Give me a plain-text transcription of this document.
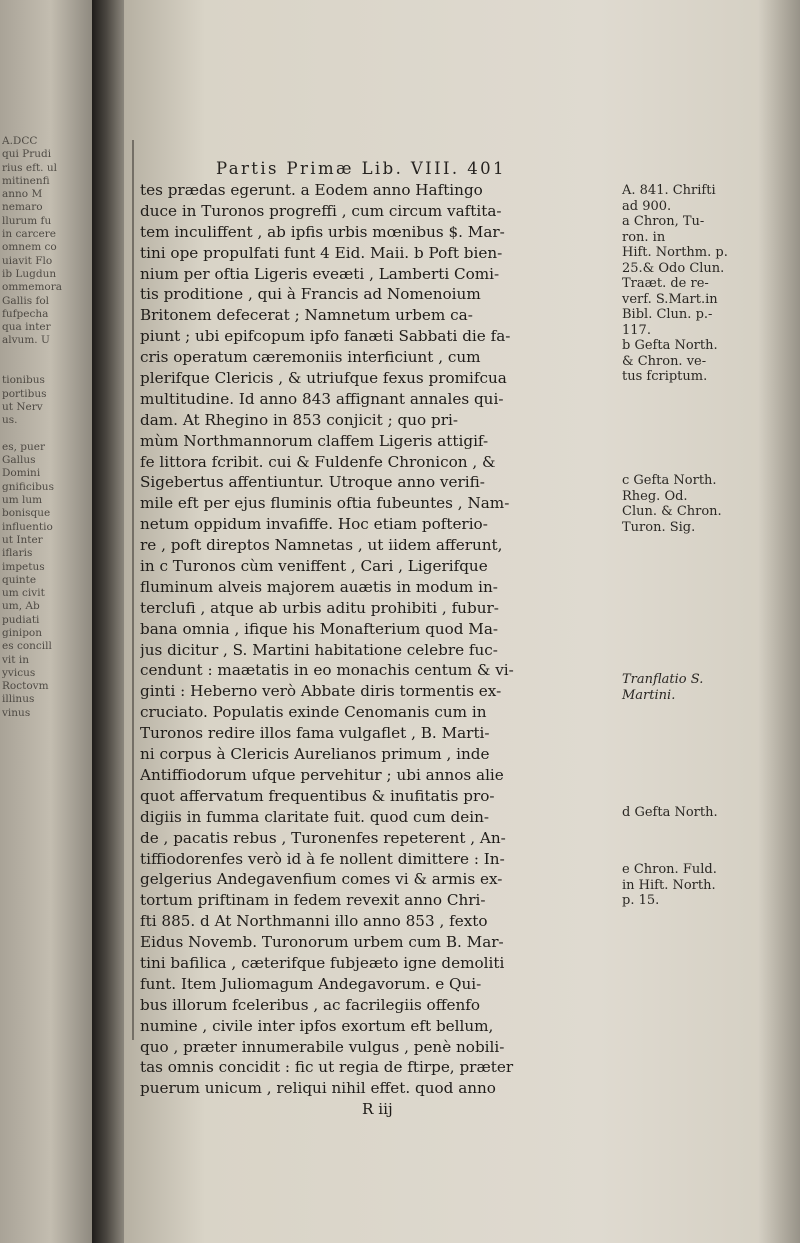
A.DCC
qui Prudi
rius eft. ul
mitinenfi
anno M
nemaro
llurum fu
in carcere
omnem co
uiavit Flo
ib Lugdun
ommemora
Gallis fol
fufpecha
qua inter
alvum. U
tionibus
portibus
ut Nerv
us.
es, puer
Gallus
Domini
gnificibus
um lum
bonisque
influentio
ut Inter
iflaris
impetus
quinte
um civit
um, Ab
pudiati
ginipon
es concill
vit in
yvicus
Roctovm
illinus
vinus
Partis Primæ Lib. VIII. 401
tes prædas egerunt. a Eodem anno Haftingo
duce in Turonos progreffi , cum circum vaftita-
tem inculiffent , ab ipfis urbis mœnibus $. Mar-
tini ope propulfati funt 4 Eid. Maii. b Poft bien-
nium per oftia Ligeris eveæti , Lamberti Comi-
tis proditione , qui à Francis ad Nomenoium
Britonem defecerat ; Namnetum urbem ca-
piunt ; ubi epifcopum ipfo fanæti Sabbati die fa-
cris operatum cæremoniis interficiunt , cum
plerifque Clericis , & utriufque fexus promifcua
multitudine. Id anno 843 affignant annales qui-
dam. At Rhegino in 853 conjicit ; quo pri-
mùm Northmannorum claffem Ligeris attigif-
fe littora fcribit. cui & Fuldenfe Chronicon , &
Sigebertus affentiuntur. Utroque anno verifi-
mile eft per ejus fluminis oftia fubeuntes , Nam-
netum oppidum invafiffe. Hoc etiam pofterio-
re , poft direptos Namnetas , ut iidem afferunt,
in c Turonos cùm veniffent , Cari , Ligerifque
fluminum alveis majorem auætis in modum in-
terclufi , atque ab urbis aditu prohibiti , fubur-
bana omnia , ifique his Monafterium quod Ma-
jus dicitur , S. Martini habitatione celebre fuc-
cendunt : maætatis in eo monachis centum & vi-
ginti : Heberno verò Abbate diris tormentis ex-
cruciato. Populatis exinde Cenomanis cum in
Turonos redire illos fama vulgaflet , B. Marti-
ni corpus à Clericis Aurelianos primum , inde
Antiffiodorum ufque pervehitur ; ubi annos alie
quot affervatum frequentibus & inufitatis pro-
digiis in fumma claritate fuit. quod cum dein-
de , pacatis rebus , Turonenfes repeterent , An-
tiffiodorenfes verò id à fe nollent dimittere : In-
gelgerius Andegavenfium comes vi & armis ex-
tortum priftinam in fedem revexit anno Chri-
fti 885. d At Northmanni illo anno 853 , fexto
Eidus Novemb. Turonorum urbem cum B. Mar-
tini bafilica , cæterifque fubjeæto igne demoliti
funt. Item Juliomagum Andegavorum. e Qui-
bus illorum fceleribus , ac facrilegiis offenfo
numine , civile inter ipfos exortum eft bellum,
quo , præter innumerabile vulgus , penè nobili-
tas omnis concidit : fic ut regia de ftirpe, præter
puerum unicum , reliqui nihil effet. quod anno
R iij
A. 841. Chrifti
ad 900.
a Chron, Tu-
ron. in
Hift. Northm. p.
25.& Odo Clun.
Traæt. de re-
verf. S.Mart.in
Bibl. Clun. p.-
117.
b Gefta North.
& Chron. ve-
tus fcriptum.
c Gefta North.
Rheg. Od.
Clun. & Chron.
Turon. Sig.
Tranflatio S.
Martini.
d Gefta North.
e Chron. Fuld.
in Hift. North.
p. 15.
